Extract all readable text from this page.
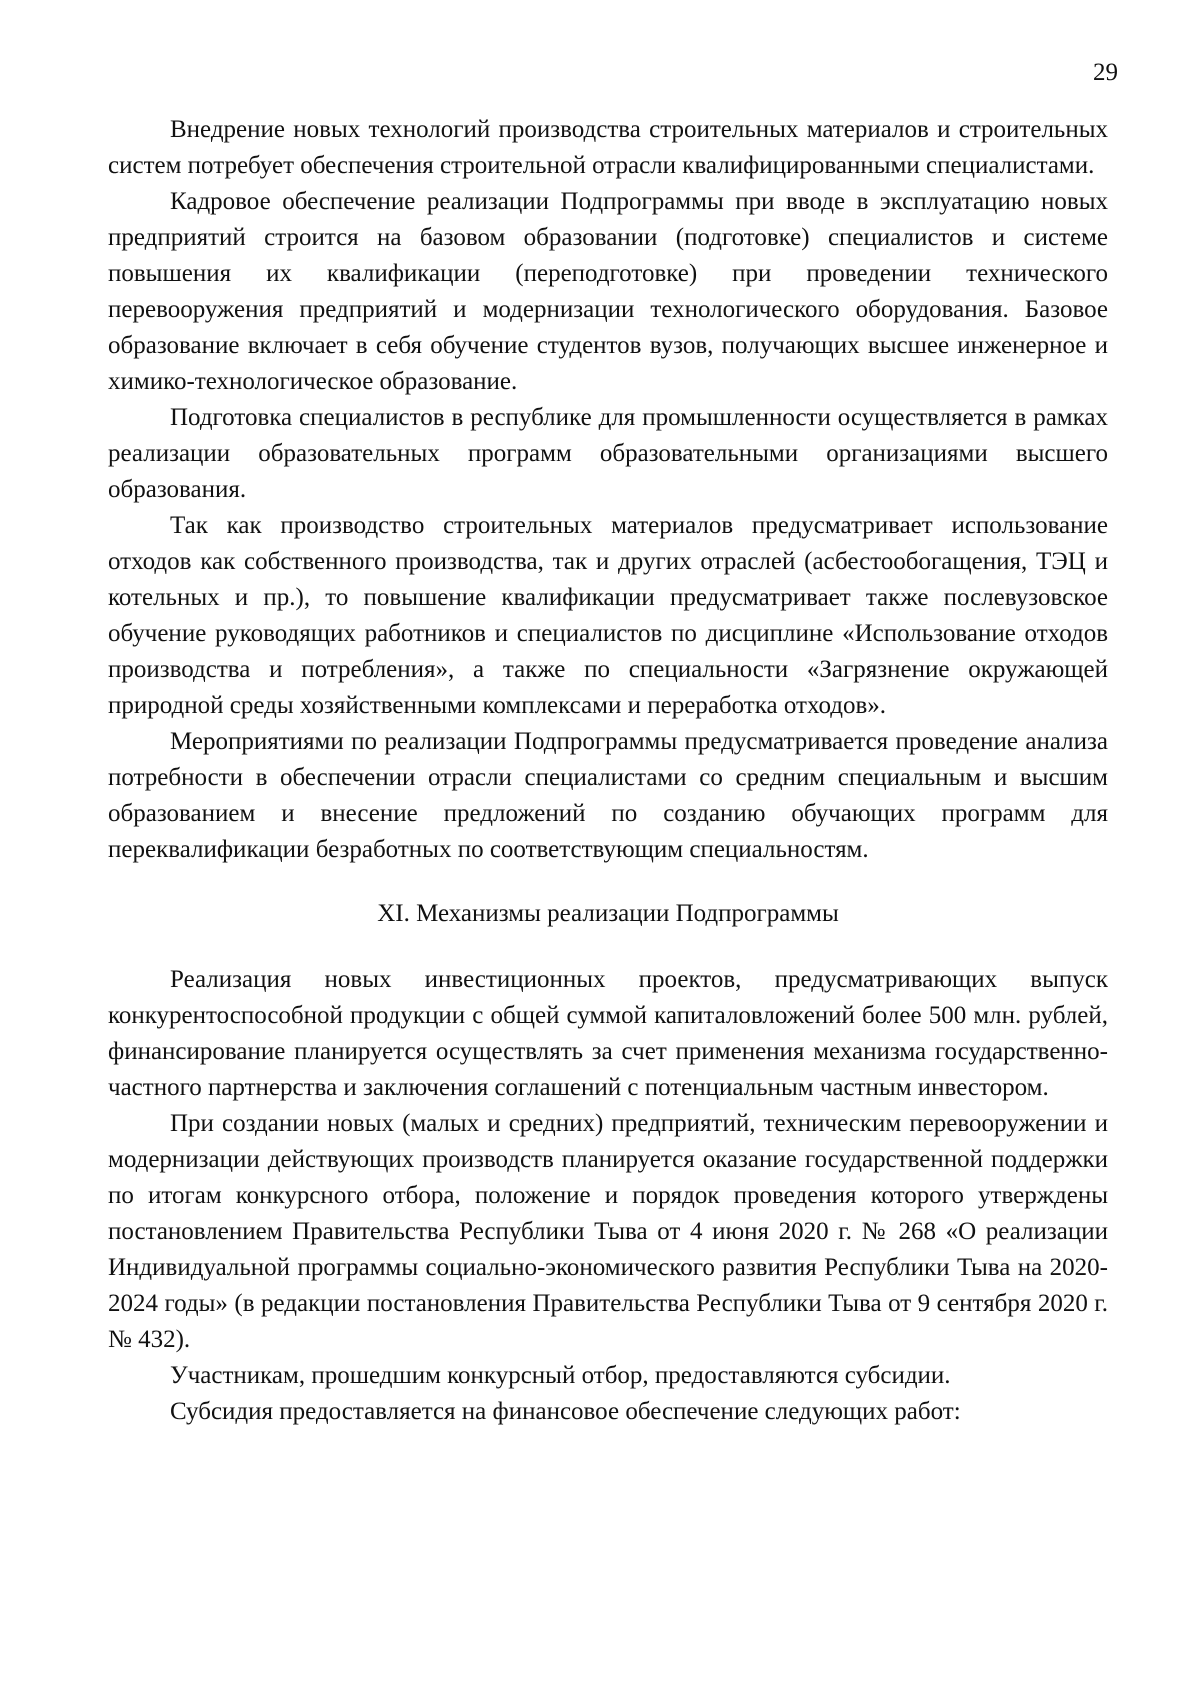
29

Внедрение новых технологий производства строительных материалов и строительных систем потребует обеспечения строительной отрасли квалифицированными специалистами.

Кадровое обеспечение реализации Подпрограммы при вводе в эксплуатацию новых предприятий строится на базовом образовании (подготовке) специалистов и системе повышения их квалификации (переподготовке) при проведении технического перевооружения предприятий и модернизации технологического оборудования. Базовое образование включает в себя обучение студентов вузов, получающих высшее инженерное и химико-технологическое образование.

Подготовка специалистов в республике для промышленности осуществляется в рамках реализации образовательных программ образовательными организациями высшего образования.

Так как производство строительных материалов предусматривает использование отходов как собственного производства, так и других отраслей (асбестообогащения, ТЭЦ и котельных и пр.), то повышение квалификации предусматривает также послевузовское обучение руководящих работников и специалистов по дисциплине «Использование отходов производства и потребления», а также по специальности «Загрязнение окружающей природной среды хозяйственными комплексами и переработка отходов».

Мероприятиями по реализации Подпрограммы предусматривается проведение анализа потребности в обеспечении отрасли специалистами со средним специальным и высшим образованием и внесение предложений по созданию обучающих программ для переквалификации безработных по соответствующим специальностям.

XI. Механизмы реализации Подпрограммы

Реализация новых инвестиционных проектов, предусматривающих выпуск конкурентоспособной продукции с общей суммой капиталовложений более 500 млн. рублей, финансирование планируется осуществлять за счет применения механизма государственно-частного партнерства и заключения соглашений с потенциальным частным инвестором.

При создании новых (малых и средних) предприятий, техническим перевооружении и модернизации действующих производств планируется оказание государственной поддержки по итогам конкурсного отбора, положение и порядок проведения которого утверждены постановлением Правительства Республики Тыва от 4 июня 2020 г. № 268 «О реализации Индивидуальной программы социально-экономического развития Республики Тыва на 2020-2024 годы» (в редакции постановления Правительства Республики Тыва от 9 сентября 2020 г. № 432).

Участникам, прошедшим конкурсный отбор, предоставляются субсидии.

Субсидия предоставляется на финансовое обеспечение следующих работ:
